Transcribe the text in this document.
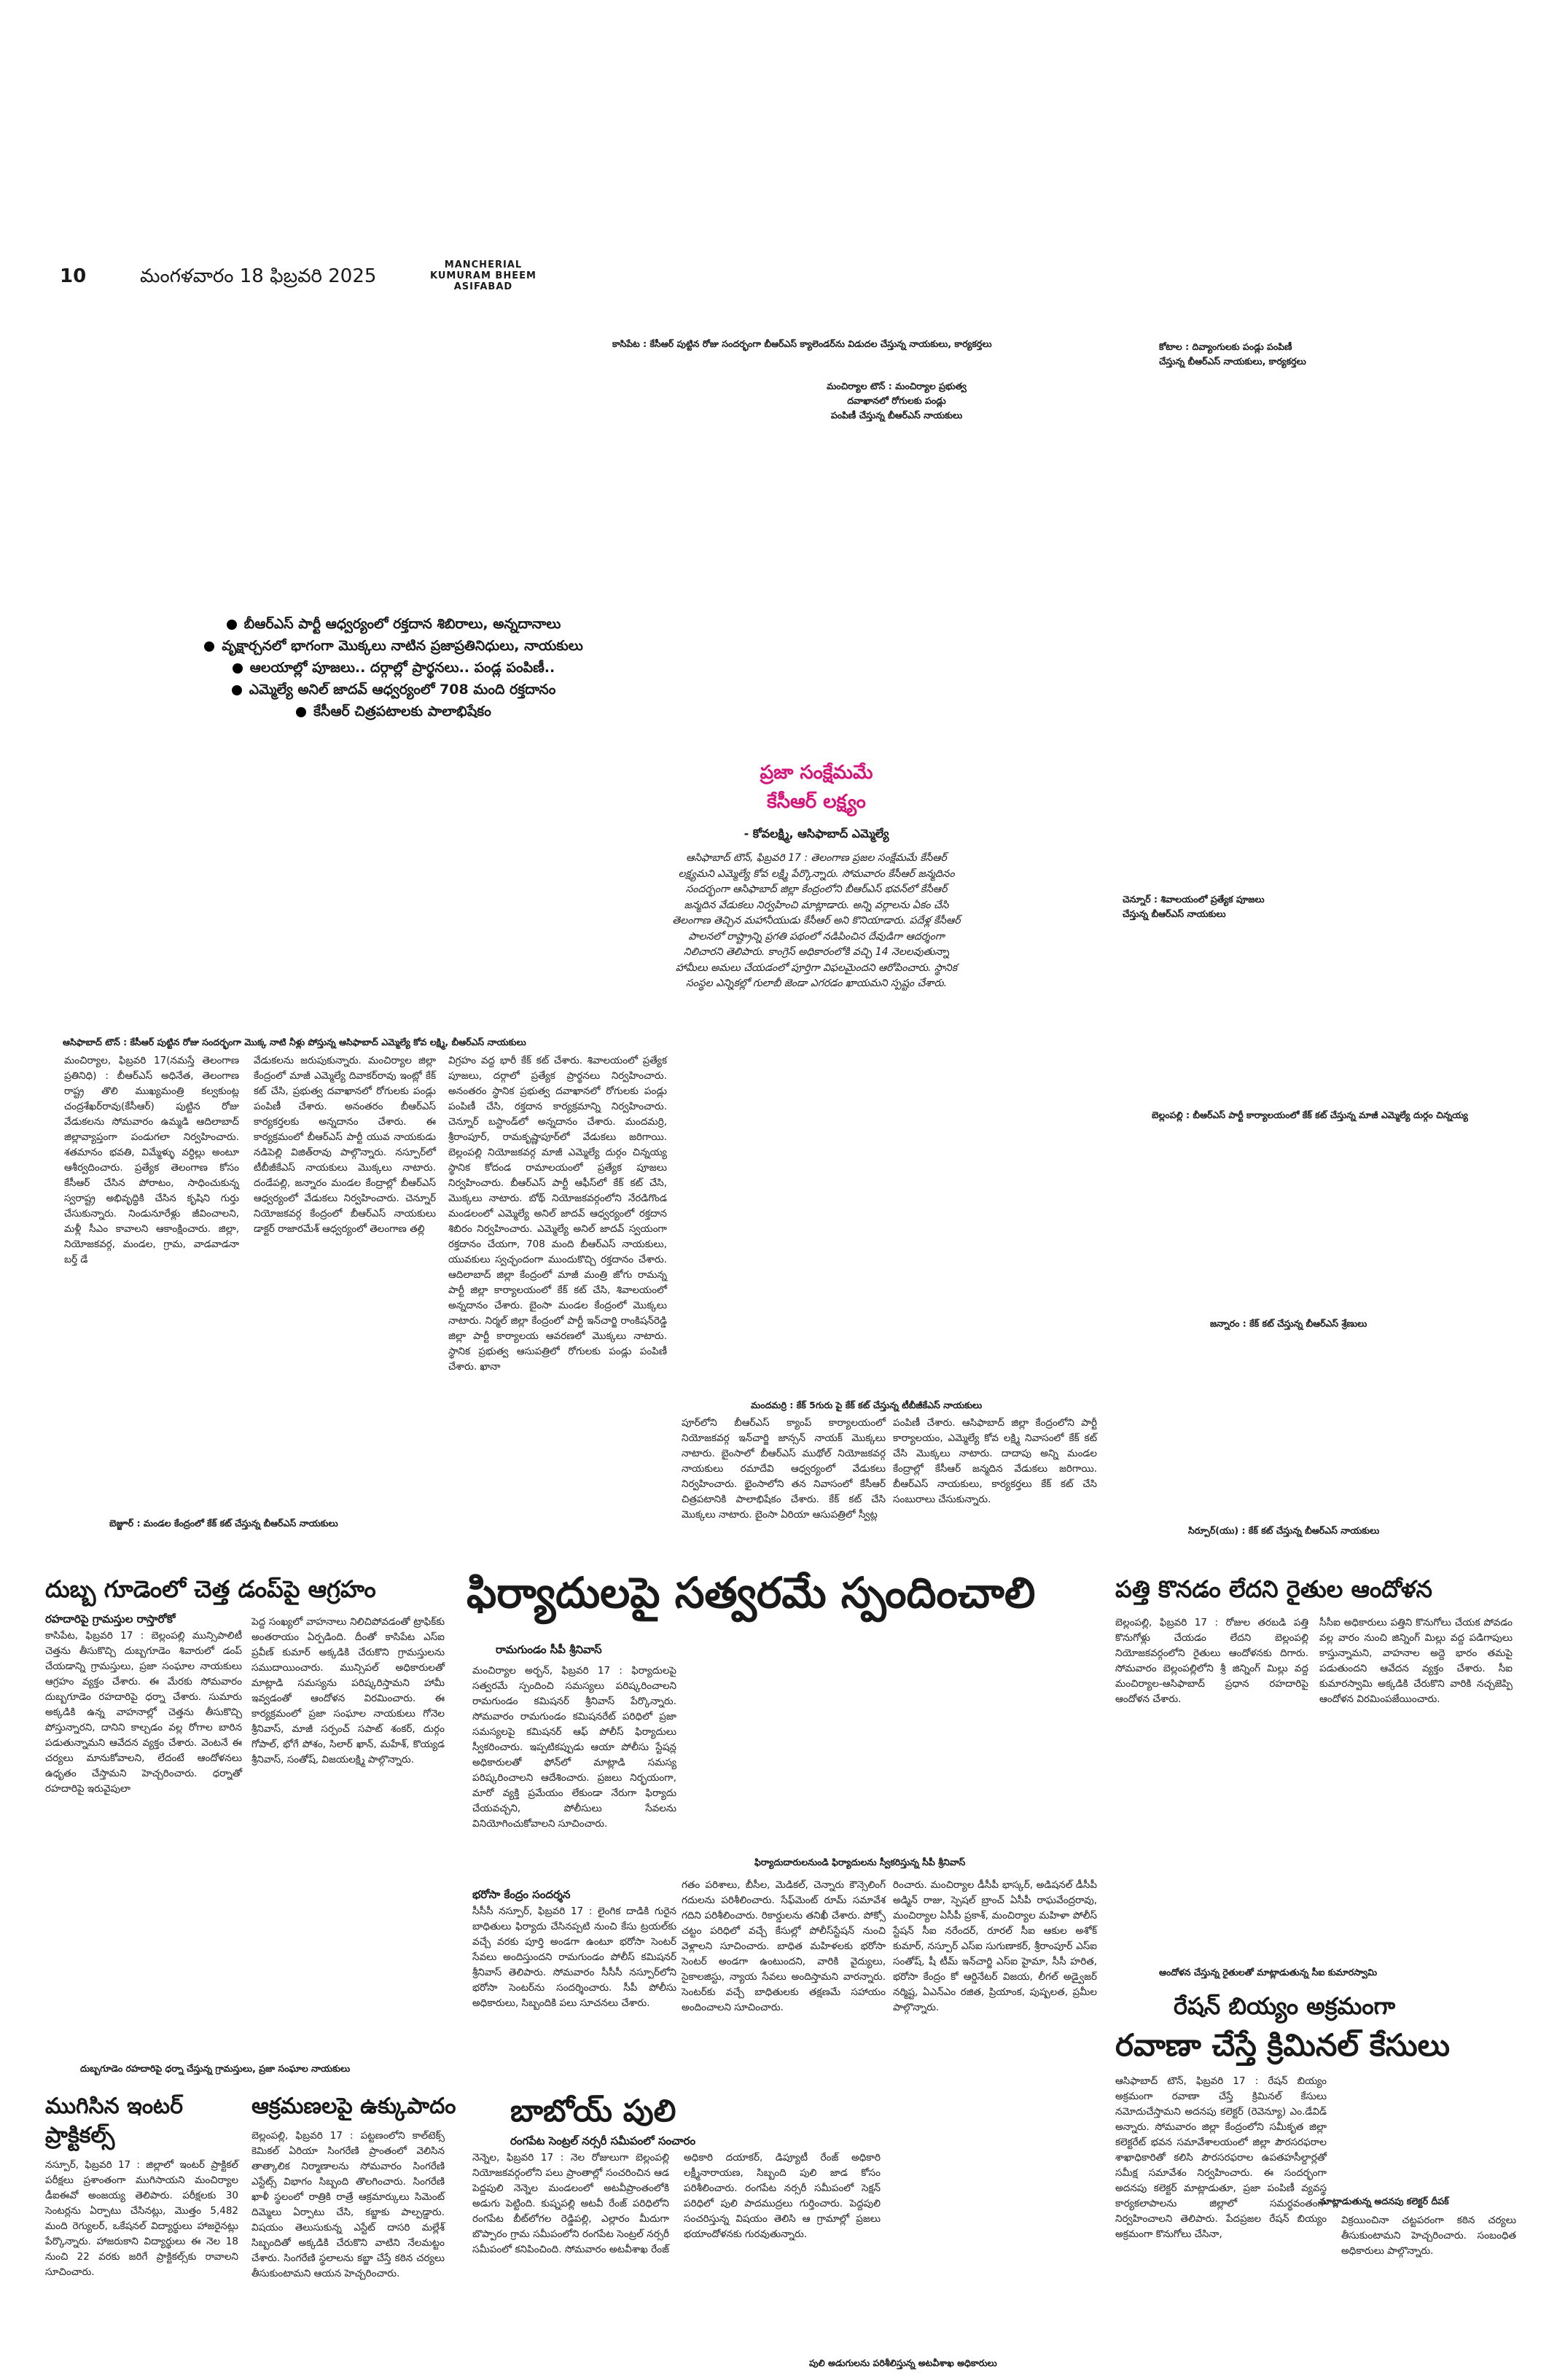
10	మంగళవారం 18 ఫిబ్రవరి 2025
MANCHERIAL
KUMURAM BHEEM
ASIFABAD
కాసిపేట : కేసీఆర్ పుట్టిన రోజు సందర్భంగా బీఆర్ఎస్ క్యాలెండర్‌ను విడుదల చేస్తున్న నాయకులు, కార్యకర్తలు	కోటాల : దివ్యాంగులకు పండ్లు పంపిణీ
చేస్తున్న బీఆర్ఎస్ నాయకులు, కార్యకర్తలు
మంచిర్యాల టౌన్ : మంచిర్యాల ప్రభుత్వ
దవాఖానలో రోగులకు పండ్లు
పంపిణీ చేస్తున్న బీఆర్ఎస్ నాయకులు
బీఆర్ఎస్ పార్టీ ఆధ్వర్యంలో రక్తదాన శిబిరాలు, అన్నదానాలు
వృక్షార్చనలో భాగంగా మొక్కలు నాటిన ప్రజాప్రతినిధులు, నాయకులు
ఆలయాల్లో పూజలు.. దర్గాల్లో ప్రార్థనలు.. పండ్ల పంపిణీ..
ఎమ్మెల్యే అనిల్ జాదవ్ ఆధ్వర్యంలో 708 మంది రక్తదానం
కేసీఆర్ చిత్రపటాలకు పాలాభిషేకం
ప్రజా సంక్షేమమే
కేసీఆర్ లక్ష్యం
- కోవలక్ష్మి, ఆసిఫాబాద్ ఎమ్మెల్యే
ఆసిఫాబాద్ టౌన్, ఫిబ్రవరి 17 : తెలంగాణ ప్రజల సంక్షేమమే కేసీఆర్ లక్ష్యమని ఎమ్మెల్యే కోవ లక్ష్మి పేర్కొన్నారు. సోమవారం కేసీఆర్ జన్మదినం సందర్భంగా ఆసిఫాబాద్ జిల్లా కేంద్రంలోని బీఆర్ఎస్ భవన్‌లో కేసీఆర్ జన్మదిన వేడుకలు నిర్వహించి మాట్లాడారు. అన్ని వర్గాలను ఏకం చేసి తెలంగాణ తెచ్చిన మహానీయుడు కేసీఆర్ అని కొనియాడారు. పదేళ్ల కేసీఆర్ పాలనలో రాష్ట్రాన్ని ప్రగతి పథంలో నడిపించిన దేవుడిగా ఆదర్శంగా నిలిచారని తెలిపారు. కాంగ్రెస్ అధికారంలోకి వచ్చి 14 నెలలవుతున్నా హామీలు అమలు చేయడంలో పూర్తిగా విఫలమైందని ఆరోపించారు. స్థానిక సంస్థల ఎన్నికల్లో గులాబీ జెండా ఎగరడం ఖాయమని స్పష్టం చేశారు.
చెన్నూర్ : శివాలయంలో ప్రత్యేక పూజలు
చేస్తున్న బీఆర్ఎస్ నాయకులు
ఆసిఫాబాద్ టౌన్ : కేసీఆర్ పుట్టిన రోజు సందర్భంగా మొక్క నాటి నీళ్లు పోస్తున్న ఆసిఫాబాద్ ఎమ్మెల్యే కోవ లక్ష్మి, బీఆర్ఎస్ నాయకులు
బెల్లంపల్లి : బీఆర్ఎస్ పార్టీ కార్యాలయంలో కేక్ కట్ చేస్తున్న మాజీ ఎమ్మెల్యే దుర్గం చిన్నయ్య
మంచిర్యాల, ఫిబ్రవరి 17(నమస్తే తెలంగాణ ప్రతినిధి) : బీఆర్ఎస్ అధినేత, తెలంగాణ రాష్ట్ర తొలి ముఖ్యమంత్రి కల్వకుంట్ల చంద్రశేఖర్‌రావు(కేసీఆర్) పుట్టిన రోజు వేడుకలను సోమవారం ఉమ్మడి ఆదిలాబాద్ జిల్లావ్యాప్తంగా పండుగలా నిర్వహించారు. శతమానం భవతి, విమ్మేళ్ళు వర్ధిల్లు అంటూ ఆశీర్వదించారు. ప్రత్యేక తెలంగాణ కోసం కేసీఆర్ చేసిన పోరాటం, సాధించుకున్న స్వరాష్ట్ర అభివృద్ధికి చేసిన కృషిని గుర్తు చేసుకున్నారు. నిండునూరేళ్లు జీవించాలని, మళ్లీ సీఎం కావాలని ఆకాంక్షించారు. జిల్లా, నియోజకవర్గ, మండల, గ్రామ, వాడవాడనా బర్త్ డే
వేడుకలను జరుపుకున్నారు. మంచిర్యాల జిల్లా కేంద్రంలో మాజీ ఎమ్మెల్యే దివాకర్‌రావు ఇంట్లో కేక్ కట్ చేసి, ప్రభుత్వ దవాఖానలో రోగులకు పండ్లు పంపిణీ చేశారు. అనంతరం బీఆర్ఎస్ కార్యకర్తలకు అన్నదానం చేశారు. ఈ కార్యక్రమంలో బీఆర్ఎస్ పార్టీ యువ నాయకుడు నడిపెల్లి విజిత్‌రావు పాల్గొన్నారు. నస్పూర్‌లో టీబీజీకేఎస్ నాయకులు మొక్కలు నాటారు. దండేపల్లి, జన్నారం మండల కేంద్రాల్లో బీఆర్ఎస్ ఆధ్వర్యంలో వేడుకలు నిర్వహించారు. చెన్నూర్ నియోజకవర్గ కేంద్రంలో బీఆర్ఎస్ నాయకులు డాక్టర్ రాజారమేశ్ ఆధ్వర్యంలో తెలంగాణ తల్లి
విగ్రహం వద్ద భారీ కేక్ కట్ చేశారు. శివాలయంలో ప్రత్యేక పూజలు, దర్గాలో ప్రత్యేక ప్రార్థనలు నిర్వహించారు. అనంతరం స్థానిక ప్రభుత్వ దవాఖానలో రోగులకు పండ్లు పంపిణీ చేసి, రక్తదాన కార్యక్రమాన్ని నిర్వహించారు. చెన్నూర్ బస్టాండ్‌లో అన్నదానం చేశారు. మందమర్రి, శ్రీరాంపూర్, రామకృష్ణాపూర్‌లో వేడుకలు జరిగాయి. బెల్లంపల్లి నియోజకవర్గ మాజీ ఎమ్మెల్యే దుర్గం చిన్నయ్య స్థానిక కోదండ రామాలయంలో ప్రత్యేక పూజలు నిర్వహించారు. బీఆర్ఎస్ పార్టీ ఆఫీస్‌లో కేక్ కట్ చేసి, మొక్కలు నాటారు. బోథ్ నియోజకవర్గంలోని నేరడిగొండ మండలంలో ఎమ్మెల్యే అనిల్ జాదవ్ ఆధ్వర్యంలో రక్తదాన శిబిరం నిర్వహించారు. ఎమ్మెల్యే అనిల్ జాదవ్ స్వయంగా రక్తదానం చేయగా, 708 మంది బీఆర్ఎస్ నాయకులు, యువకులు స్వచ్ఛందంగా ముందుకొచ్చి రక్తదానం చేశారు. ఆదిలాబాద్ జిల్లా కేంద్రంలో మాజీ మంత్రి జోగు రామన్న పార్టీ జిల్లా కార్యాలయంలో కేక్ కట్ చేసి, శివాలయంలో అన్నదానం చేశారు. బైంసా మండల కేంద్రంలో మొక్కలు నాటారు. నిర్మల్ జిల్లా కేంద్రంలో పార్టీ ఇన్‌చార్జి రాంకిషన్‌రెడ్డి జిల్లా పార్టీ కార్యాలయ ఆవరణలో మొక్కలు నాటారు. స్థానిక ప్రభుత్వ ఆసుపత్రిలో రోగులకు పండ్లు పంపిణీ చేశారు. ఖానా
జన్నారం : కేక్ కట్ చేస్తున్న బీఆర్ఎస్ శ్రేణులు
మందమర్రి : కేక్ 5గురు పై కేక్ కట్ చేస్తున్న టీబీజీకేఎస్ నాయకులు
పూర్‌లోని బీఆర్ఎస్ క్యాంప్ కార్యాలయంలో నియోజకవర్గ ఇన్‌చార్జి జాన్సన్ నాయక్ మొక్కలు నాటారు. బైంసాలో బీఆర్ఎస్ ముథోల్ నియోజకవర్గ నాయకులు రమాదేవి ఆధ్వర్యంలో వేడుకలు నిర్వహించారు. భైంసాలోని తన నివాసంలో కేసీఆర్ చిత్రపటానికి పాలాభిషేకం చేశారు. కేక్ కట్ చేసి మొక్కలు నాటారు. బైంసా ఏరియా ఆసుపత్రిలో స్వీట్ల
పంపిణీ చేశారు. ఆసిఫాబాద్ జిల్లా కేంద్రంలోని పార్టీ కార్యాలయం, ఎమ్మెల్యే కోవ లక్ష్మి నివాసంలో కేక్ కట్ చేసి మొక్కలు నాటారు. దాదాపు అన్ని మండల కేంద్రాల్లో కేసీఆర్ జన్మదిన వేడుకలు జరిగాయి. బీఆర్ఎస్ నాయకులు, కార్యకర్తలు కేక్ కట్ చేసి సంబురాలు చేసుకున్నారు.
బెజ్జూర్ : మండల కేంద్రంలో కేక్ కట్ చేస్తున్న బీఆర్ఎస్ నాయకులు
సిర్పూర్(యు) : కేక్ కట్ చేస్తున్న బీఆర్ఎస్ నాయకులు
దుబ్బ గూడెంలో చెత్త డంప్‌పై ఆగ్రహం
రహదారిపై గ్రామస్తుల రాస్తారోకో
కాసిపేట, ఫిబ్రవరి 17 : బెల్లంపల్లి మున్సిపాలిటీ చెత్తను తీసుకొచ్చి దుబ్బగూడెం శివారులో డంప్ చేయడాన్ని గ్రామస్తులు, ప్రజా సంఘాల నాయకులు ఆగ్రహం వ్యక్తం చేశారు. ఈ మేరకు సోమవారం దుబ్బగూడెం రహదారిపై ధర్నా చేశారు. సుమారు అక్కడికి ఉన్న వాహనాల్లో చెత్తను తీసుకొచ్చి పోస్తున్నారని, దానిని కాల్చడం వల్ల రోగాల బారిన పడుతున్నామని ఆవేదన వ్యక్తం చేశారు. వెంటనే ఈ చర్యలు మానుకోవాలని, లేదంటే ఆందోళనలు ఉధృతం చేస్తామని హెచ్చరించారు. ధర్నాతో రహదారిపై ఇరువైపులా
పెద్ద సంఖ్యలో వాహనాలు నిలిచిపోవడంతో ట్రాఫిక్‌కు అంతరాయం ఏర్పడింది. దీంతో కాసిపేట ఎస్ఐ ప్రవీణ్ కుమార్ అక్కడికి చేరుకొని గ్రామస్తులను సముదాయించారు. మున్సిపల్ అధికారులతో మాట్లాడి సమస్యను పరిష్కరిస్తామని హామీ ఇవ్వడంతో ఆందోళన విరమించారు. ఈ కార్యక్రమంలో ప్రజా సంఘాల నాయకులు గోనెల శ్రీనివాస్, మాజీ సర్పంచ్ సపాట్ శంకర్, దుర్గం గోపాల్, భోగే పోశం, సిలార్ ఖాన్, మహేశ్, కొయ్యడ శ్రీనివాస్, సంతోష్, విజయలక్ష్మి పాల్గొన్నారు.
దుబ్బగూడెం రహదారిపై ధర్నా చేస్తున్న గ్రామస్తులు, ప్రజా సంఘాల నాయకులు
ఫిర్యాదులపై సత్వరమే స్పందించాలి
రామగుండం సీపీ శ్రీనివాస్
మంచిర్యాల అర్బన్, ఫిబ్రవరి 17 : ఫిర్యాదులపై సత్వరమే స్పందించి సమస్యలు పరిష్కరించాలని రామగుండం కమిషనర్ శ్రీనివాస్ పేర్కొన్నారు. సోమవారం రామగుండం కమిషనరేట్ పరిధిలో ప్రజా సమస్యలపై కమిషనర్ ఆఫ్ పోలీస్ ఫిర్యాదులు స్వీకరించారు. ఇప్పటికప్పుడు ఆయా పోలీసు స్టేషన్ల అధికారులతో ఫోన్‌లో మాట్లాడి సమస్య పరిష్కరించాలని ఆదేశించారు. ప్రజలు నిర్భయంగా, మారో వ్యక్తి ప్రమేయం లేకుండా నేరుగా ఫిర్యాదు చేయవచ్చని, పోలీసులు సేవలను వినియోగించుకోవాలని సూచించారు.
ఫిర్యాదుదారులనుండి ఫిర్యాదులను స్వీకరిస్తున్న సీపీ శ్రీనివాస్
భరోసా కేంద్రం సందర్శన
సీసీసీ నస్పూర్, ఫిబ్రవరి 17 : లైంగిక దాడికి గురైన బాధితులు ఫిర్యాదు చేసినప్పటి నుంచి కేసు ట్రయల్‌కు వచ్చే వరకు పూర్తి అండగా ఉంటూ భరోసా సెంటర్ సేవలు అందిస్తుందని రామగుండం పోలీస్ కమిషనర్ శ్రీనివాస్ తెలిపారు. సోమవారం సీసీసీ నస్పూర్‌లోని భరోసా సెంటర్‌ను సందర్శించారు. సీపీ పోలీసు అధికారులు, సిబ్బందికి పలు సూచనలు చేశారు.
గతం పరిశాలు, బీసీల, మెడికల్, చెన్నారు కౌన్సెలింగ్ గదులను పరిశీలించారు. సేఫ్‌మెంట్ రూమ్ సమావేశ గదిని పరిశీలించారు. రికార్డులను తనిఖీ చేశారు. పోక్సో చట్టం పరిధిలో వచ్చే కేసుల్లో పోలీస్‌స్టేషన్ నుంచి వెళ్లాలని సూచించారు. బాధిత మహిళలకు భరోసా సెంటర్ అండగా ఉంటుందని, వారికి వైద్యులు, సైకాలజిస్టు, న్యాయ సేవలు అందిస్తామని వారన్నారు. సెంటర్‌కు వచ్చే బాధితులకు తక్షణమే సహాయం అందించాలని సూచించారు.
రించారు. మంచిర్యాల డీసీపీ భాస్కర్, అడిషనల్ డీసీపీ అడ్మిన్ రాజు, స్పెషల్ బ్రాంచ్ ఏసీపీ రాఘవేంద్రరావు, మంచిర్యాల ఏసీపీ ప్రకాశ్, మంచిర్యాల మహిళా పోలీస్ స్టేషన్ సీఐ నరేందర్, రూరల్ సీఐ ఆకుల అశోక్ కుమార్, నస్పూర్ ఎస్ఐ సుగుణాకర్, శ్రీరాంపూర్ ఎస్ఐ సంతోష్, షీ టీమ్ ఇన్‌చార్జి ఎస్ఐ హైమా, సీసీ హరిత, భరోసా కేంద్రం కో ఆర్డినేటర్ విజయ, లీగల్ అడ్వైజర్ నర్మిష్ట, ఏఎన్ఎం రజిత, ప్రియాంక, పుష్పలత, ప్రమీల పాల్గొన్నారు.
పత్తి కొనడం లేదని రైతుల ఆందోళన
బెల్లంపల్లి, ఫిబ్రవరి 17 : రోజుల తరబడి పత్తి కొనుగోళ్లు చేయడం లేదని బెల్లంపల్లి నియోజకవర్గంలోని రైతులు ఆందోళనకు దిగారు. సోమవారం బెల్లంపల్లిలోని శ్రీ జిన్నింగ్ మిల్లు వద్ద మంచిర్యాల-ఆసిఫాబాద్ ప్రధాన రహదారిపై ఆందోళన చేశారు.
సీసీఐ అధికారులు పత్తిని కొనుగోలు చేయక పోవడం వల్ల వారం నుంచి జిన్నింగ్ మిల్లు వద్ద పడిగాపులు కాస్తున్నామని, వాహనాల అద్దె భారం తమపై పడుతుందని ఆవేదన వ్యక్తం చేశారు. సీఐ కుమారస్వామి అక్కడికి చేరుకొని వారికి నచ్చజెప్పి ఆందోళన విరమింపజేయించారు.
ఆందోళన చేస్తున్న రైతులతో మాట్లాడుతున్న సీఐ కుమారస్వామి
రేషన్ బియ్యం అక్రమంగా
రవాణా చేస్తే క్రిమినల్ కేసులు
ఆసిఫాబాద్ టౌన్, ఫిబ్రవరి 17 : రేషన్ బియ్యం అక్రమంగా రవాణా చేస్తే క్రిమినల్ కేసులు నమోదుచేస్తామని అదనపు కలెక్టర్ (రెవెన్యూ) ఎం.డేవిడ్ అన్నారు. సోమవారం జిల్లా కేంద్రంలోని సమీకృత జిల్లా కలెక్టరేట్ భవన సమావేశాలయంలో జిల్లా పౌరసరఫరాల శాఖాధికారితో కలిసి పౌరసరఫరాల ఉపతహసీల్దార్లతో సమీక్ష సమావేశం నిర్వహించారు. ఈ సందర్భంగా అదనపు కలెక్టర్ మాట్లాడుతూ, ప్రజా పంపిణీ వ్యవస్థ కార్యకలాపాలను జిల్లాలో సమర్థవంతంగా నిర్వహించాలని తెలిపారు. పేదప్రజల రేషన్ బియ్యం అక్రమంగా కొనుగోలు చేసినా,
మాట్లాడుతున్న అదనపు కలెక్టర్ దీపక్
విక్రయించినా చట్టపరంగా కఠిన చర్యలు తీసుకుంటామని హెచ్చరించారు. సంబంధిత అధికారులు పాల్గొన్నారు.
ముగిసిన ఇంటర్
ప్రాక్టికల్స్
నస్పూర్, ఫిబ్రవరి 17 : జిల్లాలో ఇంటర్ ప్రాక్టికల్ పరీక్షలు ప్రశాంతంగా ముగిసాయని మంచిర్యాల డీఐఈవో అంజయ్య తెలిపారు. పరీక్షలకు 30 సెంటర్లను ఏర్పాటు చేసినట్లు, మొత్తం 5,482 మంది రెగ్యులర్, ఒకేషనల్ విద్యార్థులు హాజరైనట్లు పేర్కొన్నారు. హాజరుకాని విద్యార్థులు ఈ నెల 18 నుంచి 22 వరకు జరిగే ప్రాక్టికల్స్‌కు రావాలని సూచించారు.
ఆక్రమణలపై ఉక్కుపాదం
బెల్లంపల్లి, ఫిబ్రవరి 17 : పట్టణంలోని కాల్‌టెక్స్ కెమికల్ ఏరియా సింగరేణి ప్రాంతంలో వెలిసిన తాత్కాలిక నిర్మాణాలను సోమవారం సింగరేణి ఎస్టేట్స్ విభాగం సిబ్బంది తొలగించారు. సింగరేణి ఖాళీ స్థలంలో రాత్రికి రాత్రే ఆక్రమార్కులు సిమెంట్ దిమ్మెలు ఏర్పాటు చేసి, కబ్జాకు పాల్పడ్డారు. విషయం తెలుసుకున్న ఎస్టేట్ దాసరి మల్లేశ్ సిబ్బందితో అక్కడికి చేరుకొని వాటిని నేలమట్టం చేశారు. సింగరేణి స్థలాలను కబ్జా చేస్తే కఠిన చర్యలు తీసుకుంటామని ఆయన హెచ్చరించారు.
బాబోయ్ పులి
రంగపేట సెంట్రల్ నర్సరీ సమీపంలో సంచారం
నెన్నెల, ఫిబ్రవరి 17 : నెల రోజులుగా బెల్లంపల్లి నియోజకవర్గంలోని పలు ప్రాంతాల్లో సంచరించిన ఆడ పెద్దపులి నెన్నెల మండలంలో అటవీప్రాంతంలోకి అడుగు పెట్టింది. కుష్నపల్లి అటవీ రేంజ్ పరిధిలోని రంగపేట బీట్‌లోగల రెడ్డిపల్లి, ఎల్లారం మీదుగా బొప్పారం గ్రామ సమీపంలోని రంగపేట సెంట్రల్ నర్సరీ సమీపంలో కనిపించింది. సోమవారం అటవీశాఖ రేంజ్ అధికారి దయాకర్, డిప్యూటీ రేంజ్ అధికారి లక్ష్మీనారాయణ, సిబ్బంది పులి జాడ కోసం పరిశీలించారు. రంగపేట నర్సరీ సమీపంలో సెక్షన్ పరిధిలో పులి పాదముద్రలు గుర్తించారు. పెద్దపులి సంచరిస్తున్న విషయం తెలిసి ఆ గ్రామాల్లో ప్రజలు భయాందోళనకు గురవుతున్నారు.
పులి అడుగులను పరిశీలిస్తున్న అటవీశాఖ అధికారులు
